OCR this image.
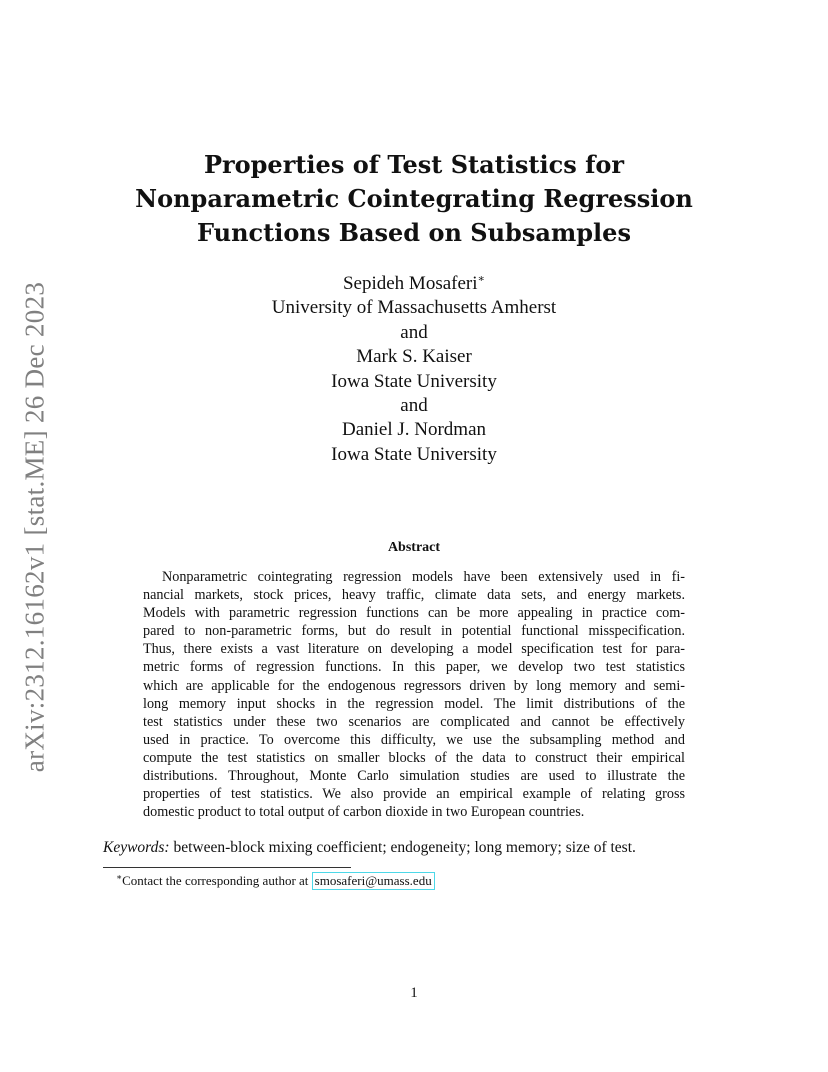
arXiv:2312.16162v1 [stat.ME] 26 Dec 2023
Properties of Test Statistics for
Nonparametric Cointegrating Regression
Functions Based on Subsamples
Sepideh Mosaferi∗
University of Massachusetts Amherst
and
Mark S. Kaiser
Iowa State University
and
Daniel J. Nordman
Iowa State University
Abstract
Nonparametric cointegrating regression models have been extensively used in fi-
nancial markets, stock prices, heavy traffic, climate data sets, and energy markets.
Models with parametric regression functions can be more appealing in practice com-
pared to non-parametric forms, but do result in potential functional misspecification.
Thus, there exists a vast literature on developing a model specification test for para-
metric forms of regression functions. In this paper, we develop two test statistics
which are applicable for the endogenous regressors driven by long memory and semi-
long memory input shocks in the regression model. The limit distributions of the
test statistics under these two scenarios are complicated and cannot be effectively
used in practice. To overcome this difficulty, we use the subsampling method and
compute the test statistics on smaller blocks of the data to construct their empirical
distributions. Throughout, Monte Carlo simulation studies are used to illustrate the
properties of test statistics. We also provide an empirical example of relating gross
domestic product to total output of carbon dioxide in two European countries.
Keywords: between-block mixing coefficient; endogeneity; long memory; size of test.
∗Contact the corresponding author at smosaferi@umass.edu
1
